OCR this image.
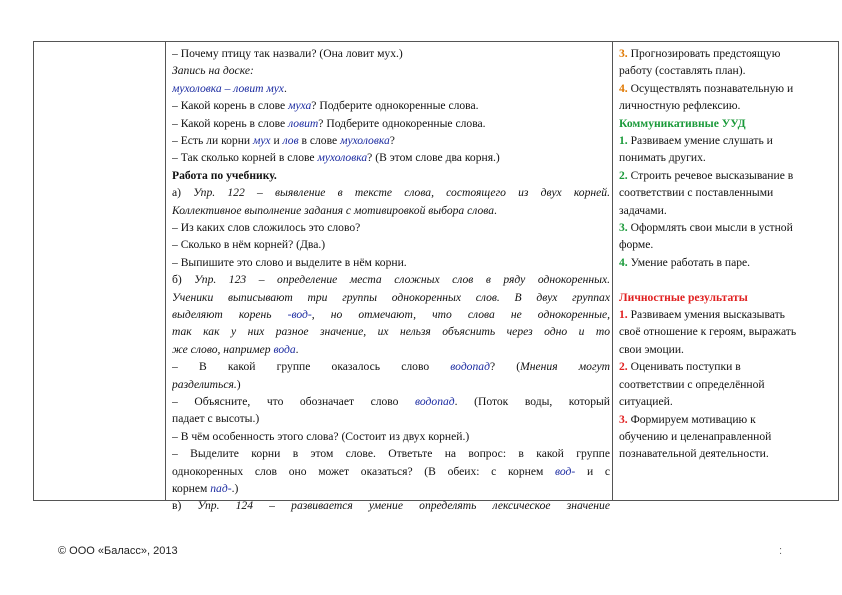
– Почему птицу так назвали? (Она ловит мух.)
Запись на доске:
мухоловка – ловит мух.
– Какой корень в слове муха? Подберите однокоренные слова.
– Какой корень в слове ловит? Подберите однокоренные слова.
– Есть ли корни мух и лов в слове мухоловка?
– Так сколько корней в слове мухоловка? (В этом слове два корня.)
Работа по учебнику.
а) Упр. 122 – выявление в тексте слова, состоящего из двух корней.
Коллективное выполнение задания с мотивировкой выбора слова.
– Из каких слов сложилось это слово?
– Сколько в нём корней? (Два.)
– Выпишите это слово и выделите в нём корни.
б) Упр. 123 – определение места сложных слов в ряду однокоренных.
Ученики выписывают три группы однокоренных слов. В двух группах
выделяют корень -вод-, но отмечают, что слова не однокоренные,
так как у них разное значение, их нельзя объяснить через одно и то
же слово, например вода.
– В какой группе оказалось слово водопад? (Мнения могут
разделиться.)
– Объясните, что обозначает слово водопад. (Поток воды, который
падает с высоты.)
– В чём особенность этого слова? (Состоит из двух корней.)
– Выделите корни в этом слове. Ответьте на вопрос: в какой группе
однокоренных слов оно может оказаться? (В обеих: с корнем вод- и с
корнем пад-.)
в) Упр. 124 – развивается умение определять лексическое значение
3. Прогнозировать предстоящую
работу (составлять план).
4. Осуществлять познавательную и
личностную рефлексию.
Коммуникативные УУД
1. Развиваем умение слушать и
понимать других.
2. Строить речевое высказывание в
соответствии с поставленными
задачами.
3. Оформлять свои мысли в устной
форме.
4. Умение работать в паре.
Личностные результаты
1. Развиваем умения высказывать
своё отношение к героям, выражать
свои эмоции.
2. Оценивать поступки в
соответствии с определённой
ситуацией.
3. Формируем мотивацию к
обучению и целенаправленной
познавательной деятельности.
© ООО «Баласс», 2013	:
